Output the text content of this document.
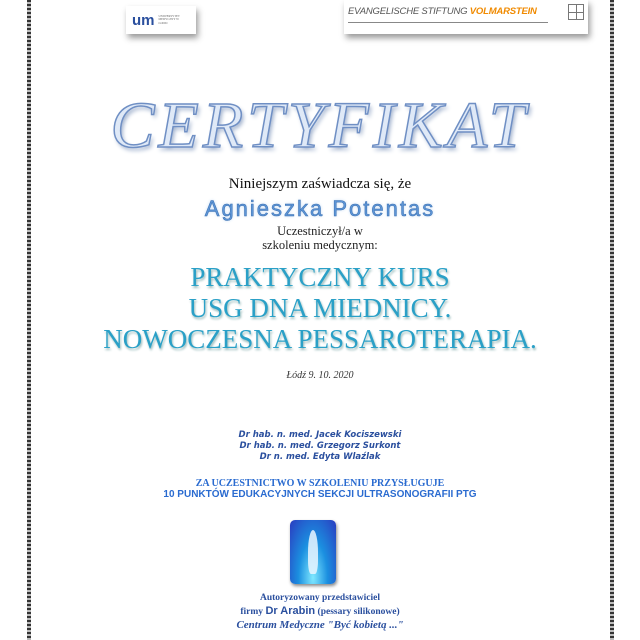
um UNIWERSYTET MEDYCZNY W ŁODZI
EVANGELISCHE STIFTUNG VOLMARSTEIN
CERTYFIKAT
Niniejszym zaświadcza się, że
Agnieszka Potentas
Uczestniczył/a w
szkoleniu medycznym:
PRAKTYCZNY KURS
USG DNA MIEDNICY.
NOWOCZESNA PESSAROTERAPIA.
Łódź 9. 10. 2020
Dr hab. n. med. Jacek Kociszewski
Dr hab. n. med. Grzegorz Surkont
Dr n. med. Edyta Wlaźlak
ZA UCZESTNICTWO W SZKOLENIU PRZYSŁUGUJE
10 PUNKTÓW EDUKACYJNYCH SEKCJI ULTRASONOGRAFII PTG
Autoryzowany przedstawiciel
firmy Dr Arabin (pessary silikonowe)
Centrum Medyczne "Być kobietą ..."
